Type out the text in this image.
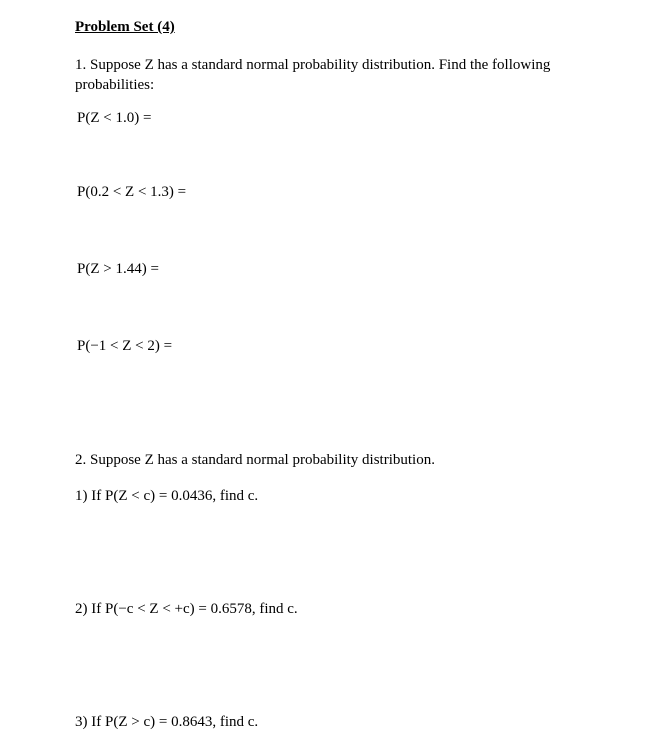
Problem Set (4)
1. Suppose Z has a standard normal probability distribution. Find the following
probabilities:
P(Z < 1.0) =
P(0.2 < Z < 1.3) =
P(Z > 1.44) =
P(−1 < Z < 2) =
2. Suppose Z has a standard normal probability distribution.
1) If P(Z < c) = 0.0436, find c.
2) If P(−c < Z < +c) = 0.6578, find c.
3) If P(Z > c) = 0.8643, find c.
